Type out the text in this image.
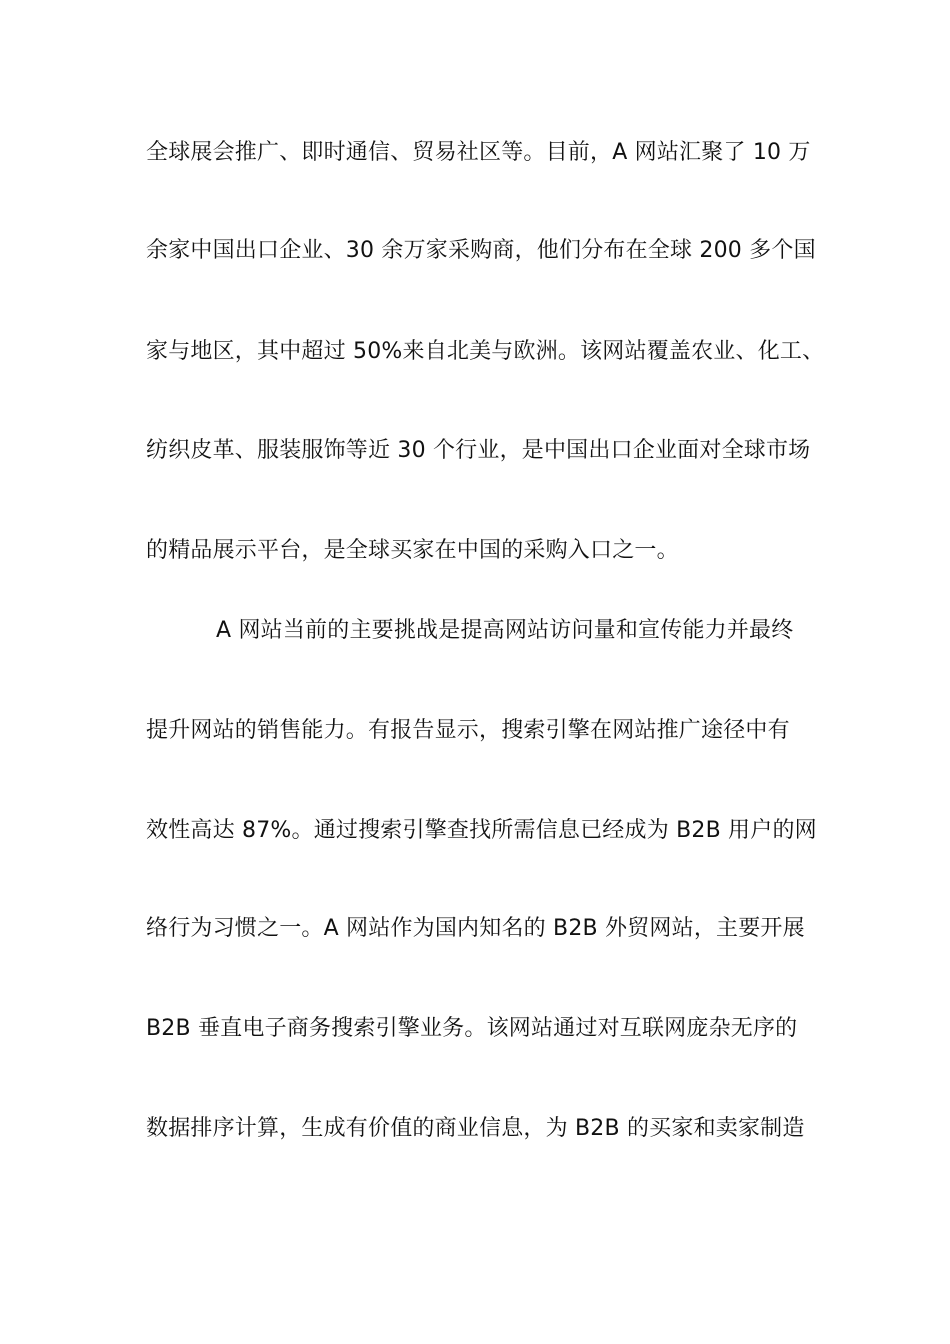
全球展会推广、即时通信、贸易社区等。目前，A 网站汇聚了 10 万
余家中国出口企业、30 余万家采购商，他们分布在全球 200 多个国
家与地区，其中超过 50%来自北美与欧洲。该网站覆盖农业、化工、
纺织皮革、服装服饰等近 30 个行业，是中国出口企业面对全球市场
的精品展示平台，是全球买家在中国的采购入口之一。
A 网站当前的主要挑战是提高网站访问量和宣传能力并最终
提升网站的销售能力。有报告显示，搜索引擎在网站推广途径中有
效性高达 87%。通过搜索引擎查找所需信息已经成为 B2B 用户的网
络行为习惯之一。A 网站作为国内知名的 B2B 外贸网站，主要开展
B2B 垂直电子商务搜索引擎业务。该网站通过对互联网庞杂无序的
数据排序计算，生成有价值的商业信息，为 B2B 的买家和卖家制造
